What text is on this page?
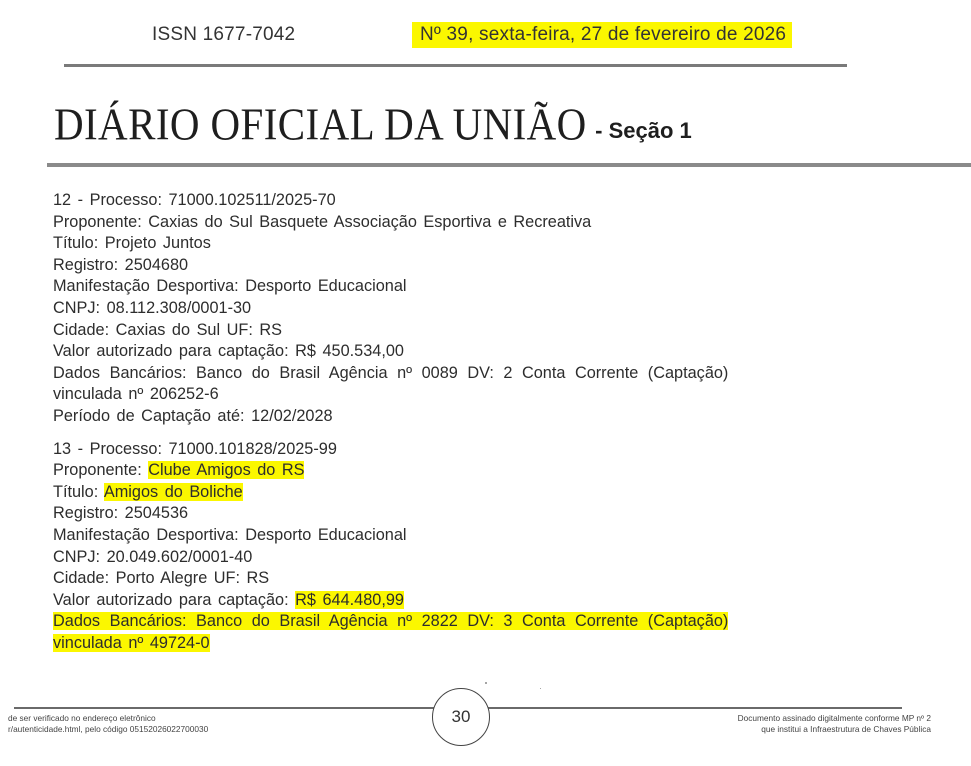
ISSN 1677-7042	Nº 39, sexta-feira, 27 de fevereiro de 2026
DIÁRIO OFICIAL DA UNIÃO - Seção 1
12 - Processo: 71000.102511/2025-70
Proponente: Caxias do Sul Basquete Associação Esportiva e Recreativa
Título: Projeto Juntos
Registro: 2504680
Manifestação Desportiva: Desporto Educacional
CNPJ: 08.112.308/0001-30
Cidade: Caxias do Sul UF: RS
Valor autorizado para captação: R$ 450.534,00
Dados Bancários: Banco do Brasil Agência nº 0089 DV: 2 Conta Corrente (Captação)
vinculada nº 206252-6
Período de Captação até: 12/02/2028
13 - Processo: 71000.101828/2025-99
Proponente: Clube Amigos do RS
Título: Amigos do Boliche
Registro: 2504536
Manifestação Desportiva: Desporto Educacional
CNPJ: 20.049.602/0001-40
Cidade: Porto Alegre UF: RS
Valor autorizado para captação: R$ 644.480,99
Dados Bancários: Banco do Brasil Agência nº 2822 DV: 3 Conta Corrente (Captação)
vinculada nº 49724-0
30
de ser verificado no endereço eletrônico
r/autenticidade.html, pelo código 05152026022700030
Documento assinado digitalmente conforme MP nº 2
que institui a Infraestrutura de Chaves Pública
